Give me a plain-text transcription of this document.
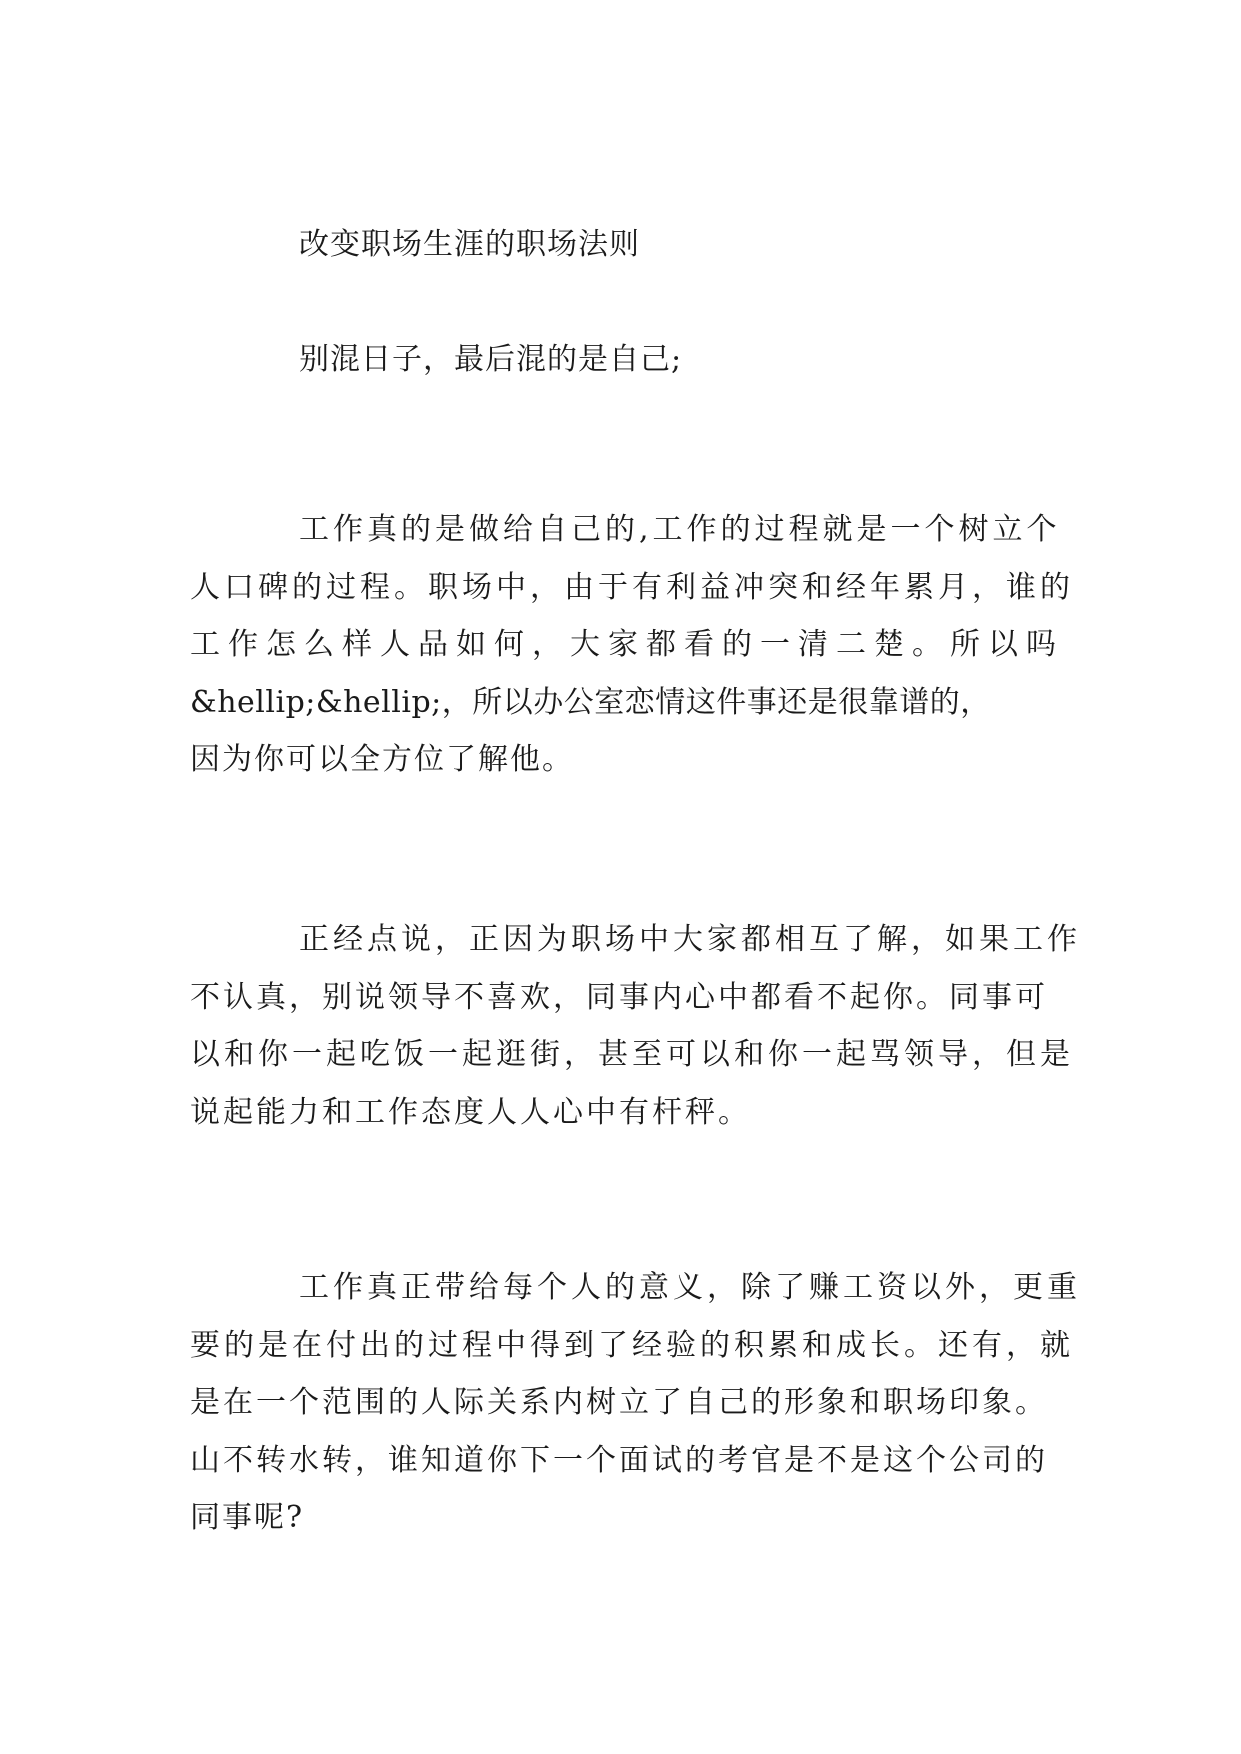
改变职场生涯的职场法则
别混日子，最后混的是自己;
工作真的是做给自己的,工作的过程就是一个树立个
人口碑的过程。职场中，由于有利益冲突和经年累月，谁的
工作怎么样人品如何，大家都看的一清二楚。所以吗
&hellip;&hellip;，所以办公室恋情这件事还是很靠谱的，
因为你可以全方位了解他。
正经点说，正因为职场中大家都相互了解，如果工作
不认真，别说领导不喜欢，同事内心中都看不起你。同事可
以和你一起吃饭一起逛街，甚至可以和你一起骂领导，但是
说起能力和工作态度人人心中有杆秤。
工作真正带给每个人的意义，除了赚工资以外，更重
要的是在付出的过程中得到了经验的积累和成长。还有，就
是在一个范围的人际关系内树立了自己的形象和职场印象。
山不转水转，谁知道你下一个面试的考官是不是这个公司的
同事呢?
